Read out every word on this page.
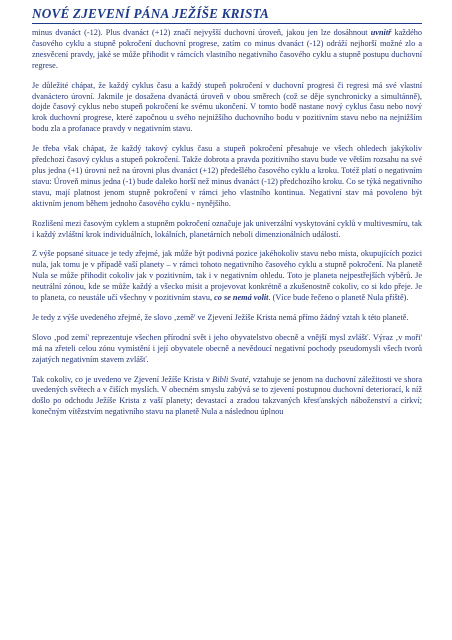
NOVÉ ZJEVENÍ PÁNA JEŽÍŠE KRISTA

minus dvanáct (-12). Plus dvanáct (+12) značí nejvyšší duchovní úroveň, jakou jen lze dosáhnout uvnitř každého časového cyklu a stupně pokročení duchovní progrese, zatím co minus dvanáct (-12) odráží nejhorší možné zlo a znesvěcení pravdy, jaké se může přihodit v rámcích vlastního negativního časového cyklu a stupně postupu duchovní regrese.

Je důležité chápat, že každý cyklus času a každý stupeň pokročení v duchovní progresi či regresi má své vlastní dvanáctero úrovní. Jakmile je dosažena dvanáctá úroveň v obou směrech (což se děje synchronicky a simultánně), dojde časový cyklus nebo stupeň pokročení ke svému ukončení. V tomto bodě nastane nový cyklus času nebo nový krok duchovní progrese, které započnou u svého nejnižšího duchovního bodu v pozitivním stavu nebo na nejnižším bodu zla a profanace pravdy v negativním stavu.

Je třeba však chápat, že každý takový cyklus času a stupeň pokročení přesahuje ve všech ohledech jakýkoliv předchozí časový cyklus a stupeň pokročení. Takže dobrota a pravda pozitivního stavu bude ve větším rozsahu na své plus jedna (+1) úrovni než na úrovni plus dvanáct (+12) předešlého časového cyklu a kroku. Totéž platí o negativním stavu: Úroveň minus jedna (-1) bude daleko horší než minus dvanáct (-12) předchozího kroku. Co se týká negativního stavu, mají platnost jenom stupně pokročení v rámci jeho vlastního kontinua. Negativní stav má povoleno být aktivním jenom během jednoho časového cyklu - nynějšího.

Rozlišení mezi časovým cyklem a stupněm pokročení označuje jak univerzální vyskytování cyklů v multivesmíru, tak i každý zvláštní krok individuálních, lokálních, planetárních neboli dimenzionálních událostí.

Z výše popsané situace je tedy zřejmé, jak může být podivná pozice jakéhokoliv stavu nebo místa, okupujících pozici nula, jak tomu je v případě vaší planety – v rámci tohoto negativního časového cyklu a stupně pokročení. Na planetě Nula se může přihodit cokoliv jak v pozitivním, tak i v negativním ohledu. Toto je planeta nejpestřejších výběrů. Je neutrální zónou, kde se může každý a všecko mísit a projevovat konkrétně a zkušenostně cokoliv, co si kdo přeje. Je to planeta, co neustále učí všechny v pozitivním stavu, co se nemá volit. (Více bude řečeno o planetě Nula příště).

Je tedy z výše uvedeného zřejmé, že slovo ‚země' ve Zjevení Ježíše Krista nemá přímo žádný vztah k této planetě.

Slovo ‚pod zemí' reprezentuje všechen přírodní svět i jeho obyvatelstvo obecně a vnější mysl zvlášť. Výraz ‚v moři' má na zřeteli celou zónu vymístění i její obyvatele obecně a nevědoucí negativní pochody pseudomysli všech tvorů zajatých negativním stavem zvlášť.

Tak cokoliv, co je uvedeno ve Zjevení Ježíše Krista v Bibli Svaté, vztahuje se jenom na duchovní záležitosti ve shora uvedených světech a v čiších myslích. V obecném smyslu zabývá se to zjevení postupnou duchovní deteriorací, k níž došlo po odchodu Ježíše Krista z vaší planety; devastací a zradou takzvaných křesťanských náboženství a církví; konečným vítězstvím negativního stavu na planetě Nula a následnou úplnou
